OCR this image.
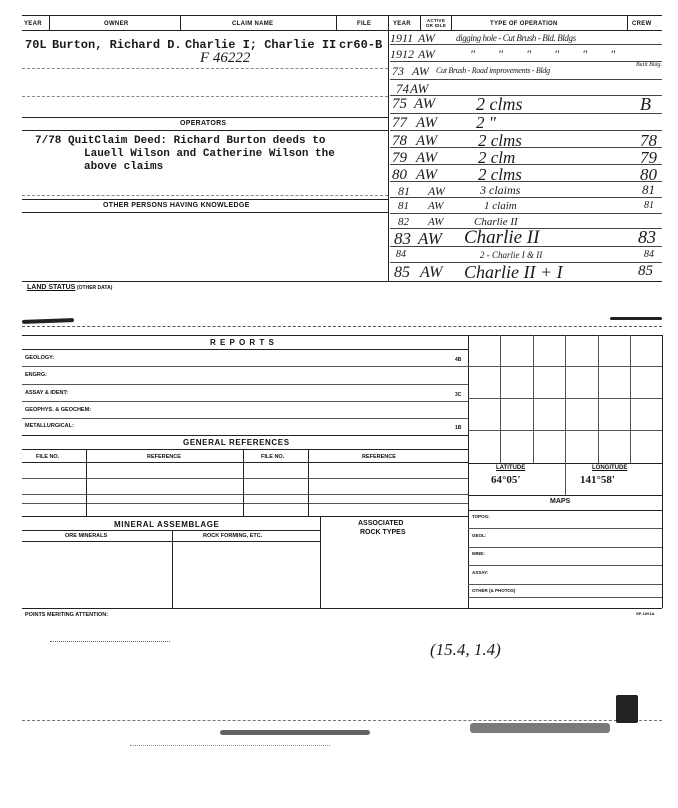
YEAR	OWNER	CLAIM NAME	FILE	YEAR
ACTIVE OR IDLE	TYPE OF OPERATION	CREW
70L Burton, Richard D. Charlie I; Charlie II cr60-B
F 46222
OPERATORS
7/78 QuitClaim Deed: Richard Burton deeds to
Lauell Wilson and Catherine Wilson the
above claims
OTHER PERSONS HAVING KNOWLEDGE
1911 AW digging hole - Cut Brush - Bld. Bldgs
1912 AW	" " " " " "
73 AW Cut Brush - Road improvements - Bldg
Built Bldg.
74 AW
75 AW 2 clms	B
77 AW 2 "
78 AW 2 clms	78
79 AW 2 clm	79
80 AW 2 clms	80
81 AW	3 claims	81
81 AW	1 claim	81
82 AW	Charlie II
83 AW Charlie II	83
84	2 - Charlie I & II	84
85 AW Charlie II + I	85
LAND STATUS (OTHER DATA)
R E P O R T S
GEOLOGY:	4B
ENGRG:
ASSAY & IDENT:	3C
GEOPHYS. & GEOCHEM:
METALLURGICAL:	1B
GENERAL REFERENCES
FILE NO.	REFERENCE	FILE NO.	REFERENCE
MINERAL ASSEMBLAGE
ORE MINERALS	ROCK FORMING, ETC.
ASSOCIATED
ROCK TYPES
LATITUDE	LONGITUDE
64°05'	141°58'
MAPS
TOPOG:
GEOL:
MINE:
ASSAY:
OTHER (& PHOTOS)
POINTS MERITING ATTENTION:	SP-1601A
(15.4, 1.4)
